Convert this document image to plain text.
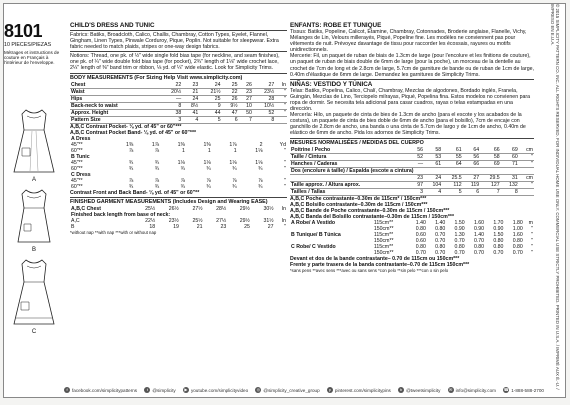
8101
10 PIECES/PIEZAS
Métrages et instructions de couture en Français à l'intérieur de l'enveloppe.
A
B
C
CHILD'S DRESS AND TUNIC
Fabrics: Batiks, Broadcloth, Calico, Challis, Chambray, Cotton Types, Eyelet, Flannel, Gingham, Linen Types, Pinwale Corduroy, Pique, Poplin. Not suitable for sleepwear. Extra fabric needed to match plaids, stripes or one-way design fabrics.
Notions: Thread, one pk. of ½" wide single fold bias tape (for neckline, and seam finishes), one pk. of ¼" wide double fold bias tape (for pocket), 2¾" length of 1⅛" wide crochet lace, 2¼" length of ⅜" band trim or ribbon, ⅛ yd. of ¼" wide elastic. Look for Simplicity Trims.
BODY MEASUREMENTS (For Sizing Help Visit www.simplicity.com)
Chest	22	23	24	25	26	27	In
Waist	20½	21	21½	22	23	23½	"
Hips	—	24	25	26	27	28	"
Back-neck to waist	8	8½	9	9½	10	10½	"
Approx. Height	38	41	44	47	50	52	"
Pattern Size	3	4	5	6	7	8	
A,B,C Contrast Pocket- ⅛ yd. of 45" or 60"***
A,B,C Contrast Pocket Band- ⅛ yd. of 45" or 60"***
A Dress							
45"**	1⅜	1⅞	1⅜	1⅜	1⅞	2	Yd
60"**	⅞	⅞	1	1	1	1⅛	"
B Tunic							
45"**	¾	¾	1⅛	1⅛	1⅛	1⅛	"
60"**	¾	¾	¾	¾	¾	¾	"
C Dress							
45"**	⅞	⅞	⅞	⅞	⅞	⅞	"
60"**	¾	¾	¾	¾	¾	¾	"
Contrast Front and Back Band- ⅛ yd. of 45" or 60"**
FINISHED GARMENT MEASUREMENTS (Includes Design and Wearing EASE)
A,B,C Chest	25½	26½	27½	28½	29½	30½	In
Finished back length from base of neck:							
A,C	22½	23½	25½	27½	29½	31½	In
B	18	19	21	23	25	27	"
*without nap **with nap ***with or without nap
ENFANTS: ROBE ET TUNIQUE
Tissus: Batiks, Popeline, Calicot, Étamine, Chambray, Cotonnades, Broderie anglaise, Flanelle, Vichy, Mélanges de Lin, Velours millerayés, Piqué, Popeline fine. Les modèles ne conviennent pas pour vêtements de nuit. Prévoyez davantage de tissu pour raccorder les écossais, rayures ou motifs unidirectionnels.
Mercerie: Fil, un paquet de ruban de biais de 1.3cm de large (pour l'encolure et les finitions de couture), un paquet de ruban de biais double de 6mm de large (pour la poche), un morceau de la dentelle au crochet de 7cm de long et de 2.8cm de large, 5.7cm de garniture de bande ou de ruban de 1cm de large, 0.40m d'élastique de 6mm de large. Demandez les garnitures de Simplicity Trims.
NIÑAS: VESTIDO Y TÚNICA
Telas: Batiks, Popelina, Calico, Chalí, Chambray, Mezclas de algodones, Bordado inglés, Franela, Guingán, Mezclas de Lino, Terciopelo milrayas, Piqué, Popelina fina. Estos modelos no convienen para ropa de dormir. Se necesita tela adicional para casar cuadros, rayas o telas estampadas en una dirección.
Mercería: Hilo, un paquete de cinta de bies de 1.3cm de ancho (para el escote y los acabados de la costura), un paquete de cinta de bies doble de 6mm de ancho (para el bolsillo), 7cm de encaje con ganchillo de 2.8cm de ancho, una banda o una cinta de 5.7cm de largo y de 1cm de ancho, 0.40m de elástico de 6mm de ancho. Pida los adornos de Simplicity Trims.
MESURES NORMALISÉES / MEDIDAS DEL CUERPO
Poitrine / Pecho	56	58	61	64	66	69	cm
Taille / Cintura	52	53	55	56	58	60	"
Hanches / Caderas	—	61	64	66	69	71	"
Dos (encolure à taille) / Espalda (escote a cintura)							
	23	24	25.5	27	29.5	31	cm
Taille approx. / Altura aprox.	97	104	112	119	127	132	"
Tailles / Tallas	3	4	5	6	7	8	
A,B,C Poche contrastante–0.30m de 115cm* / 150cm***
A,B,C Bolsillo contrastante–0.30m de 115cm / 150cm***
A,B,C Bande de Poche contrastante–0.30m de 115cm / 150cm***
A,B,C Banda del Bolsillo contrastante–0.30m de 115cm / 150cm***
A Robe/ A Vestido	115cm**	1.40	1.40	1.50	1.60	1.70	1.80	m
	150cm**	0.80	0.80	0.90	0.90	0.90	1.00	"
B Tunique/ B Túnica	115cm**	0.60	0.70	1.30	1.40	1.50	1.60	"
	150cm**	0.60	0.70	0.70	0.70	0.80	0.80	"
C Robe/ C Vestido	115cm**	0.80	0.80	0.80	0.80	0.80	0.80	"
	150cm**	0.70	0.70	0.70	0.70	0.70	0.70	"
Devant et dos de la bande contrastante– 0.70 de 115cm ou 150cm***
Frente y parte trasera de la banda contrastante–0.70 de 115cm 150cm***
*sans pens **avec sens ***avec ou sans sens *con pelo **sin pelo ***con o sin pelo	© 2015 SIMPLICITY PATTERN CO. INC. ALL RIGHTS RESERVED. FOR INDIVIDUAL HOME USE ONLY. COMMERCIAL USE STRICTLY PROHIBITED. PRINTED IN U.S.A. / IMPRIMÉ AUX É.-U. / IMPRESO EN E.U.A.
f facebook.com/simplicitypatterns	t @simplicity	▶ youtube.com/simplicityvideo	◎ @simplicity_creative_group	p pinterest.com/simplicitypins	b @tweetsimplicity	✉ info@simplicity.com ☎ 1-888-588-2700
